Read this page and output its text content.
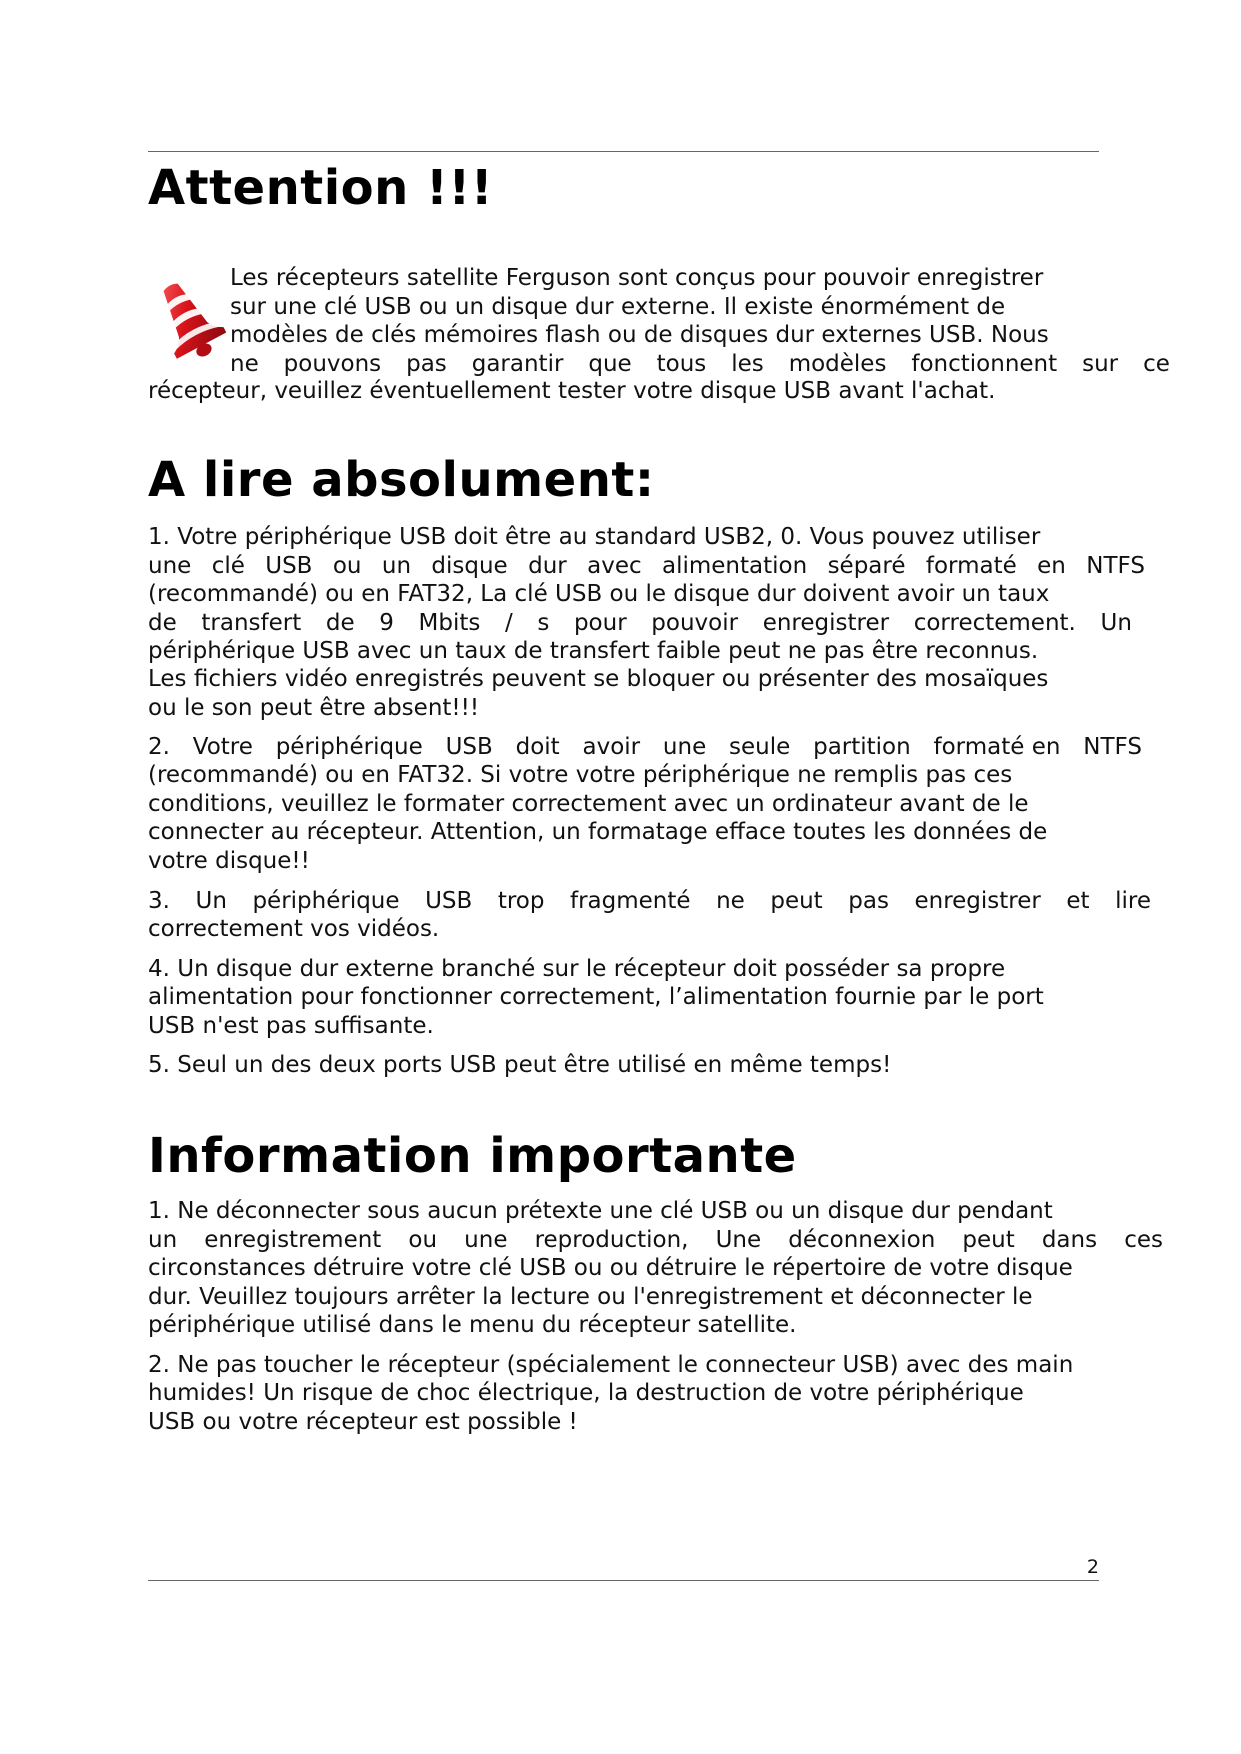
Attention !!!
Les récepteurs satellite Ferguson sont conçus pour pouvoir enregistrer
sur une clé USB ou un disque dur externe. Il existe énormément de
modèles de clés mémoires flash ou de disques dur externes USB. Nous
ne pouvons pas garantir que tous les modèles fonctionnent sur ce
récepteur, veuillez éventuellement tester votre disque USB avant l'achat.
A lire absolument:
1. Votre périphérique USB doit être au standard USB2, 0. Vous pouvez utiliser
une clé USB ou un disque dur avec alimentation séparé formaté en NTFS
(recommandé) ou en FAT32, La clé USB ou le disque dur doivent avoir un taux
de transfert de 9 Mbits / s pour pouvoir enregistrer correctement. Un
périphérique USB avec un taux de transfert faible peut ne pas être reconnus.
Les fichiers vidéo enregistrés peuvent se bloquer ou présenter des mosaïques
ou le son peut être absent!!!
2. Votre périphérique USB doit avoir une seule partition formaté en NTFS
(recommandé) ou en FAT32. Si votre votre périphérique ne remplis pas ces
conditions, veuillez le formater correctement avec un ordinateur avant de le
connecter au récepteur. Attention, un formatage efface toutes les données de
votre disque!!
3. Un périphérique USB trop fragmenté ne peut pas enregistrer et lire
correctement vos vidéos.
4. Un disque dur externe branché sur le récepteur doit posséder sa propre
alimentation pour fonctionner correctement, l’alimentation fournie par le port
USB n'est pas suffisante.
5. Seul un des deux ports USB peut être utilisé en même temps!
Information importante
1. Ne déconnecter sous aucun prétexte une clé USB ou un disque dur pendant
un enregistrement ou une reproduction, Une déconnexion peut dans ces
circonstances détruire votre clé USB ou ou détruire le répertoire de votre disque
dur. Veuillez toujours arrêter la lecture ou l'enregistrement et déconnecter le
périphérique utilisé dans le menu du récepteur satellite.
2. Ne pas toucher le récepteur (spécialement le connecteur USB) avec des main
humides! Un risque de choc électrique, la destruction de votre périphérique
USB ou votre récepteur est possible !
2
